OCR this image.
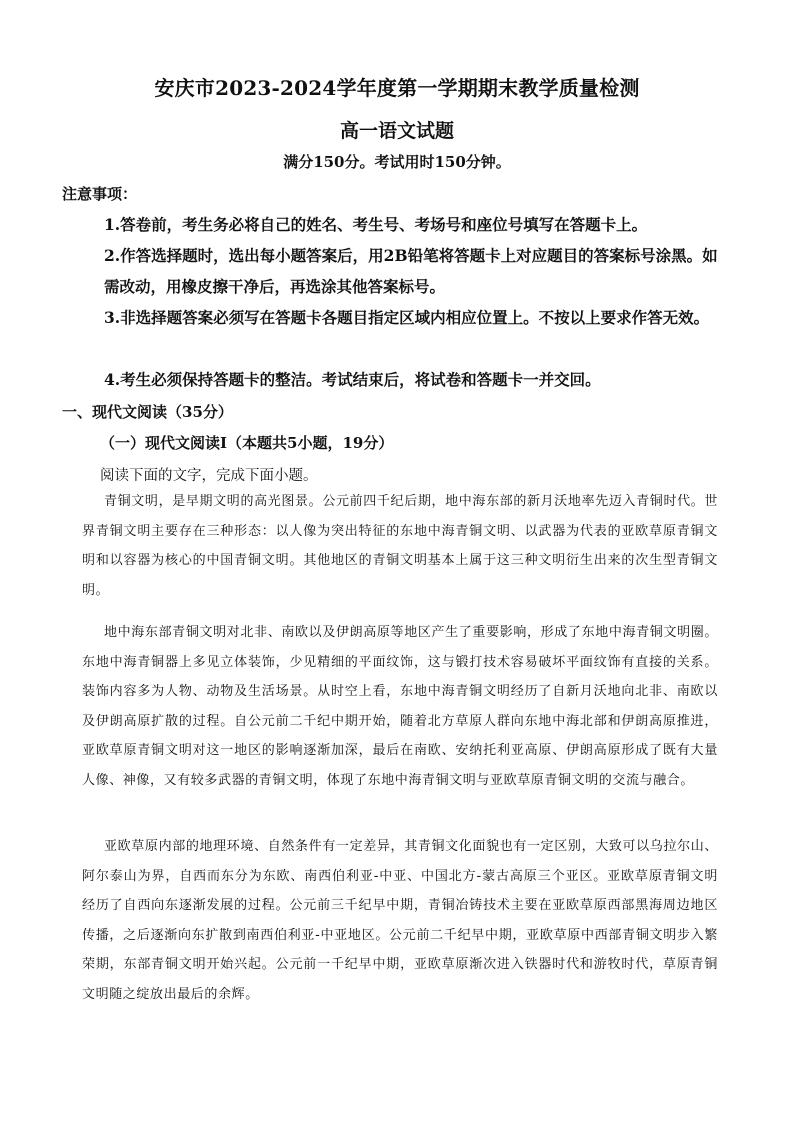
安庆市2023-2024学年度第一学期期末教学质量检测
高一语文试题
满分150分。考试用时150分钟。
注意事项：
1.答卷前，考生务必将自己的姓名、考生号、考场号和座位号填写在答题卡上。
2.作答选择题时，选出每小题答案后，用2B铅笔将答题卡上对应题目的答案标号涂黑。如需改动，用橡皮擦干净后，再选涂其他答案标号。
3.非选择题答案必须写在答题卡各题目指定区域内相应位置上。不按以上要求作答无效。
4.考生必须保持答题卡的整洁。考试结束后，将试卷和答题卡一并交回。
一、现代文阅读（35分）
（一）现代文阅读Ⅰ（本题共5小题，19分）
阅读下面的文字，完成下面小题。
青铜文明，是早期文明的高光图景。公元前四千纪后期，地中海东部的新月沃地率先迈入青铜时代。世界青铜文明主要存在三种形态：以人像为突出特征的东地中海青铜文明、以武器为代表的亚欧草原青铜文明和以容器为核心的中国青铜文明。其他地区的青铜文明基本上属于这三种文明衍生出来的次生型青铜文明。
地中海东部青铜文明对北非、南欧以及伊朗高原等地区产生了重要影响，形成了东地中海青铜文明圈。东地中海青铜器上多见立体装饰，少见精细的平面纹饰，这与锻打技术容易破坏平面纹饰有直接的关系。装饰内容多为人物、动物及生活场景。从时空上看，东地中海青铜文明经历了自新月沃地向北非、南欧以及伊朗高原扩散的过程。自公元前二千纪中期开始，随着北方草原人群向东地中海北部和伊朗高原推进，亚欧草原青铜文明对这一地区的影响逐渐加深，最后在南欧、安纳托利亚高原、伊朗高原形成了既有大量人像、神像，又有较多武器的青铜文明，体现了东地中海青铜文明与亚欧草原青铜文明的交流与融合。
亚欧草原内部的地理环境、自然条件有一定差异，其青铜文化面貌也有一定区别，大致可以乌拉尔山、阿尔泰山为界，自西而东分为东欧、南西伯利亚-中亚、中国北方-蒙古高原三个亚区。亚欧草原青铜文明经历了自西向东逐渐发展的过程。公元前三千纪早中期，青铜冶铸技术主要在亚欧草原西部黑海周边地区传播，之后逐渐向东扩散到南西伯利亚-中亚地区。公元前二千纪早中期，亚欧草原中西部青铜文明步入繁荣期，东部青铜文明开始兴起。公元前一千纪早中期，亚欧草原渐次进入铁器时代和游牧时代，草原青铜文明随之绽放出最后的余辉。
